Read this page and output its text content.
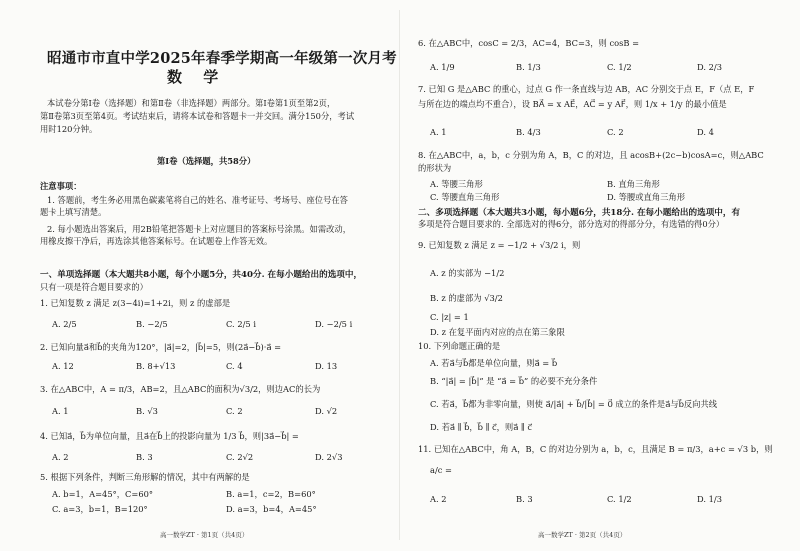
昭通市市直中学2025年春季学期高一年级第一次月考
数 学
本试卷分第Ⅰ卷（选择题）和第Ⅱ卷（非选择题）两部分。第Ⅰ卷第1页至第2页，
第Ⅱ卷第3页至第4页。考试结束后，请将本试卷和答题卡一并交回。满分150分，考试
用时120分钟。
第Ⅰ卷（选择题，共58分）
注意事项：
1. 答题前，考生务必用黑色碳素笔将自己的姓名、准考证号、考场号、座位号在答
题卡上填写清楚。
2. 每小题选出答案后，用2B铅笔把答题卡上对应题目的答案标号涂黑。如需改动，
用橡皮擦干净后，再选涂其他答案标号。在试题卷上作答无效。
一、单项选择题（本大题共8小题，每个小题5分，共40分. 在每小题给出的选项中，
只有一项是符合题目要求的）
1. 已知复数 z 满足 z(3−4i)=1+2i，则 z 的虚部是
A. 2/5	B. −2/5	C. 2/5 i	D. −2/5 i
2. 已知向量a⃗和b⃗的夹角为120°，|a⃗|=2，|b⃗|=5，则(2a⃗−b⃗)·a⃗ =
A. 12	B. 8+√13	C. 4	D. 13
3. 在△ABC中，A = π/3，AB=2，且△ABC的面积为√3/2，则边AC的长为
A. 1	B. √3	C. 2	D. √2
4. 已知a⃗，b⃗为单位向量，且a⃗在b⃗上的投影向量为 1/3 b⃗，则|3a⃗−b⃗| =
A. 2	B. 3	C. 2√2	D. 2√3
5. 根据下列条件，判断三角形解的情况，其中有两解的是
A. b=1，A=45°，C=60°	B. a=1，c=2，B=60°
C. a=3，b=1，B=120°	D. a=3，b=4，A=45°
高一数学ZT · 第1页（共4页）
6. 在△ABC中，cosC = 2/3，AC=4，BC=3，则 cosB =
A. 1/9	B. 1/3	C. 1/2	D. 2/3
7. 已知 G 是△ABC 的重心，过点 G 作一条直线与边 AB，AC 分别交于点 E，F（点 E，F
与所在边的端点均不重合），设 BA⃗ = x AE⃗，AC⃗ = y AF⃗，则 1/x + 1/y 的最小值是
A. 1	B. 4/3	C. 2	D. 4
8. 在△ABC中，a，b，c 分别为角 A，B，C 的对边，且 acosB+(2c−b)cosA=c，则△ABC
的形状为
A. 等腰三角形	B. 直角三角形
C. 等腰直角三角形	D. 等腰或直角三角形
二、多项选择题（本大题共3小题，每小题6分，共18分. 在每小题给出的选项中，有
多项是符合题目要求的. 全部选对的得6分，部分选对的得部分分，有选错的得0分）
9. 已知复数 z 满足 z = −1/2 + √3/2 i，则
A. z 的实部为 −1/2
B. z 的虚部为 √3/2
C. |z| = 1
D. z 在复平面内对应的点在第三象限
10. 下列命题正确的是
A. 若a⃗与b⃗都是单位向量，则a⃗ = b⃗
B. “|a⃗| = |b⃗|” 是 “a⃗ = b⃗” 的必要不充分条件
C. 若a⃗，b⃗都为非零向量，则使 a⃗/|a⃗| + b⃗/|b⃗| = 0⃗ 成立的条件是a⃗与b⃗反向共线
D. 若a⃗ ∥ b⃗，b⃗ ∥ c⃗，则a⃗ ∥ c⃗
11. 已知在△ABC中，角 A，B，C 的对边分别为 a，b，c，且满足 B = π/3，a+c = √3 b，则
a/c =
A. 2	B. 3	C. 1/2	D. 1/3
高一数学ZT · 第2页（共4页）
